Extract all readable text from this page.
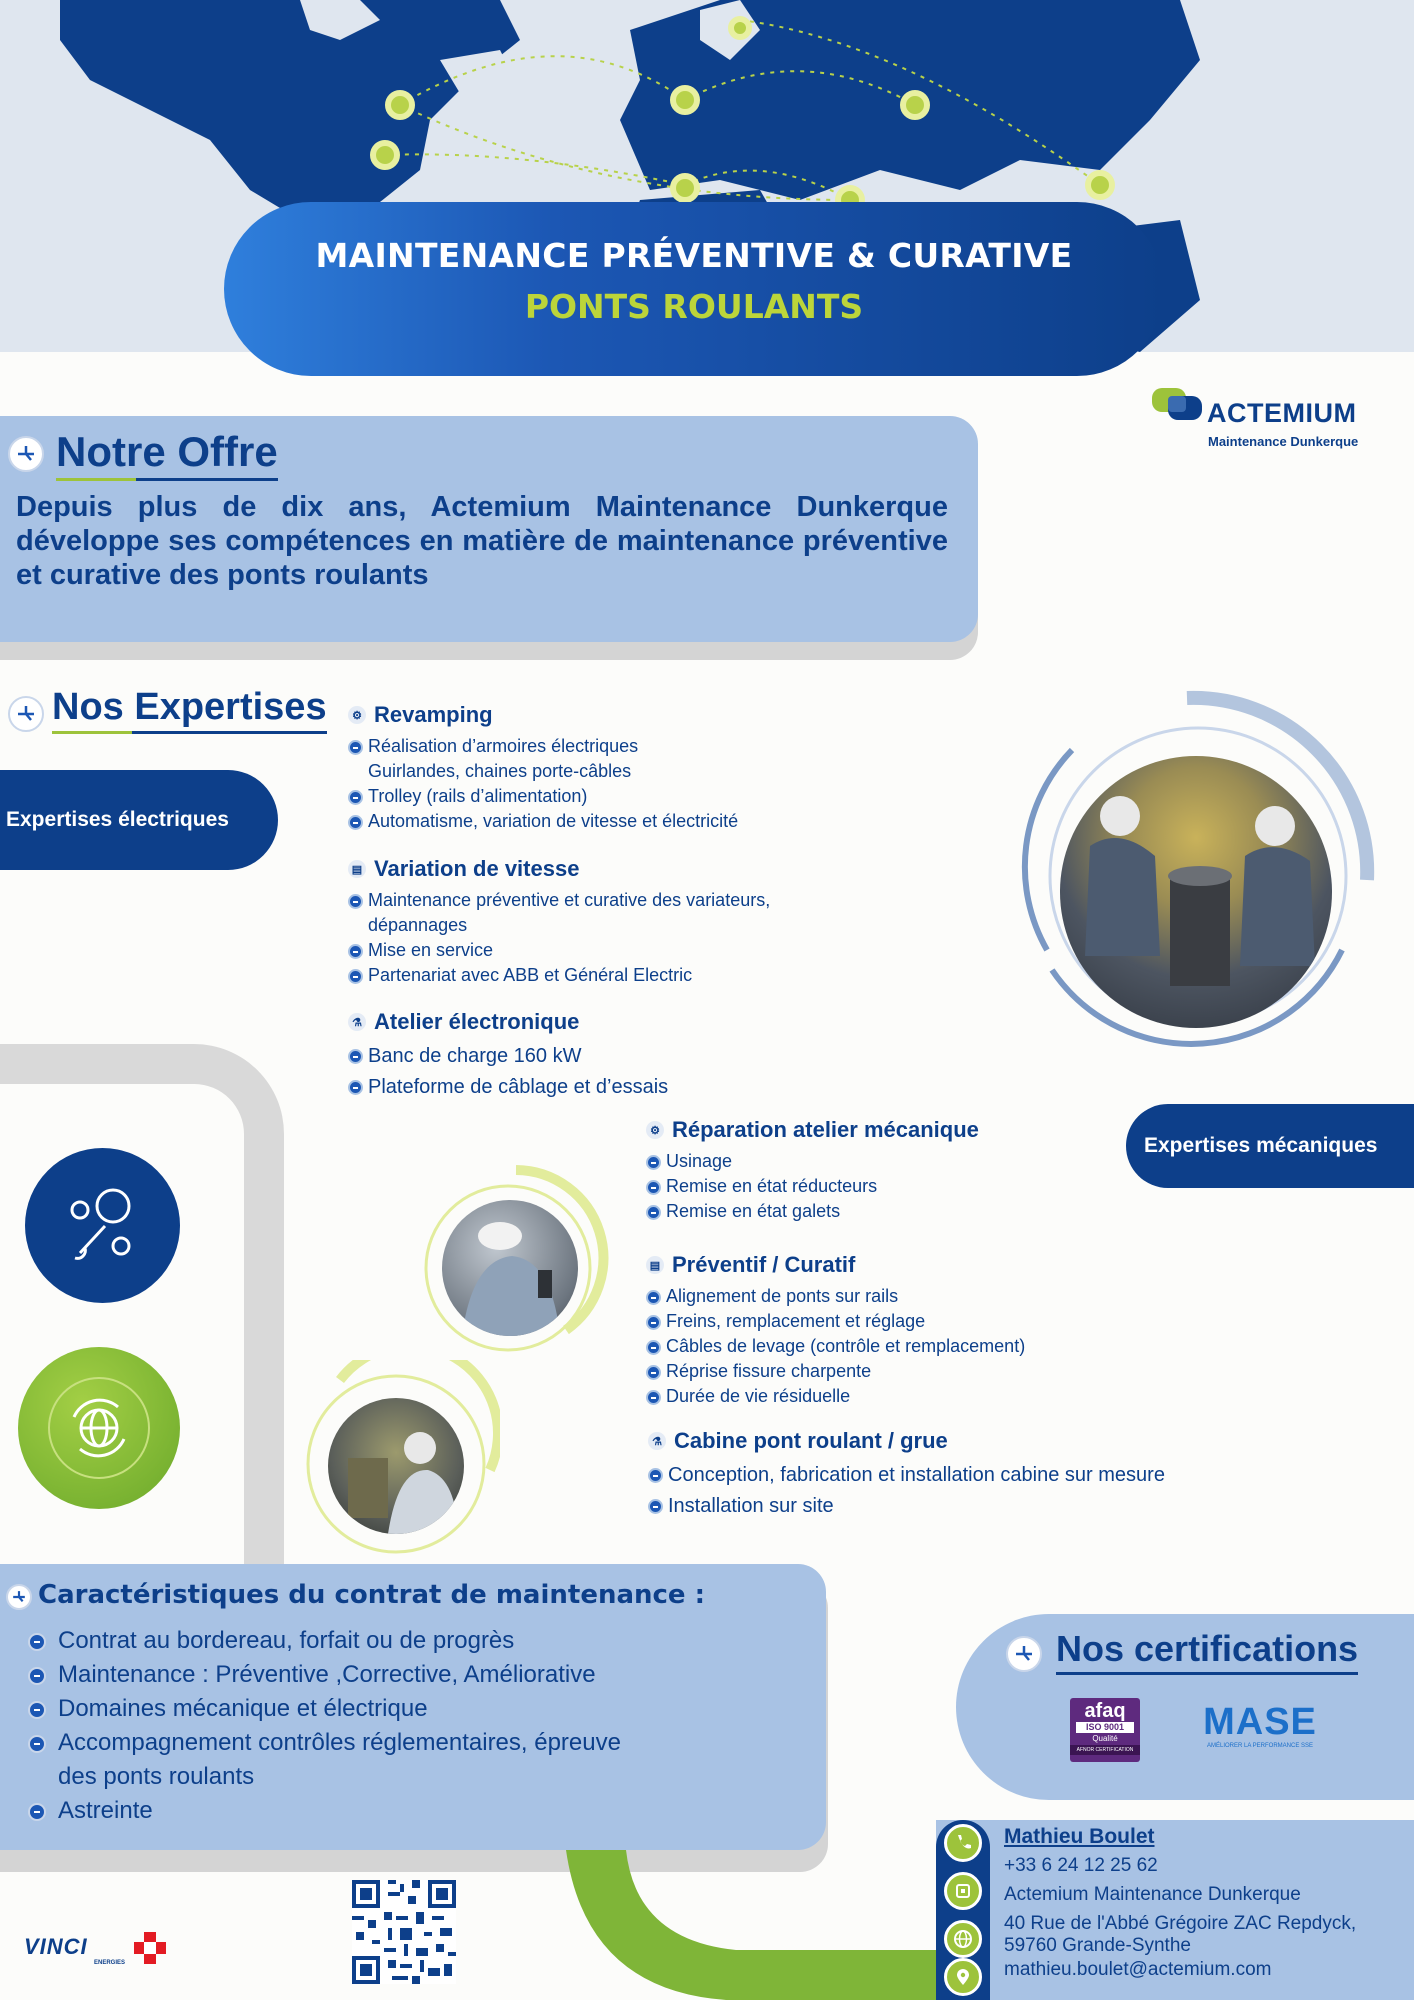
MAINTENANCE PRÉVENTIVE & CURATIVE
PONTS ROULANTS
ACTEMIUM
Maintenance Dunkerque
Notre Offre

Depuis plus de dix ans, Actemium Maintenance Dunkerque développe ses compétences en matière de maintenance préventive et curative des ponts roulants

Nos Expertises
Expertises électriques
Expertises mécaniques
⚙ Revamping
Réalisation d’armoires électriques
Guirlandes, chaines porte-câbles
Trolley (rails d’alimentation)
Automatisme, variation de vitesse et électricité
▤ Variation de vitesse
Maintenance préventive et curative des variateurs,
dépannages
Mise en service
Partenariat avec ABB et Général Electric
⚗ Atelier électronique
Banc de charge 160 kW
Plateforme de câblage et d’essais
⚙ Réparation atelier mécanique
Usinage
Remise en état réducteurs
Remise en état galets
▤ Préventif / Curatif
Alignement de ponts sur rails
Freins, remplacement et réglage
Câbles de levage (contrôle et remplacement)
Réprise fissure charpente
Durée de vie résiduelle
⚗ Cabine pont roulant / grue
Conception, fabrication et installation cabine sur mesure
Installation sur site
Caractéristiques du contrat de maintenance :
Contrat au bordereau, forfait ou de progrès
Maintenance : Préventive ,Corrective, Améliorative
Domaines mécanique et électrique
Accompagnement contrôles réglementaires, épreuve
des ponts roulants
Astreinte
Nos certifications
afaq
ISO 9001
Qualité
AFNOR CERTIFICATION
MASE
AMÉLIORER LA PERFORMANCE SSE
VINCI
ENERGIES
Mathieu Boulet
+33 6 24 12 25 62
Actemium Maintenance Dunkerque
40 Rue de l'Abbé Grégoire ZAC Repdyck,
59760 Grande-Synthe
mathieu.boulet@actemium.com
